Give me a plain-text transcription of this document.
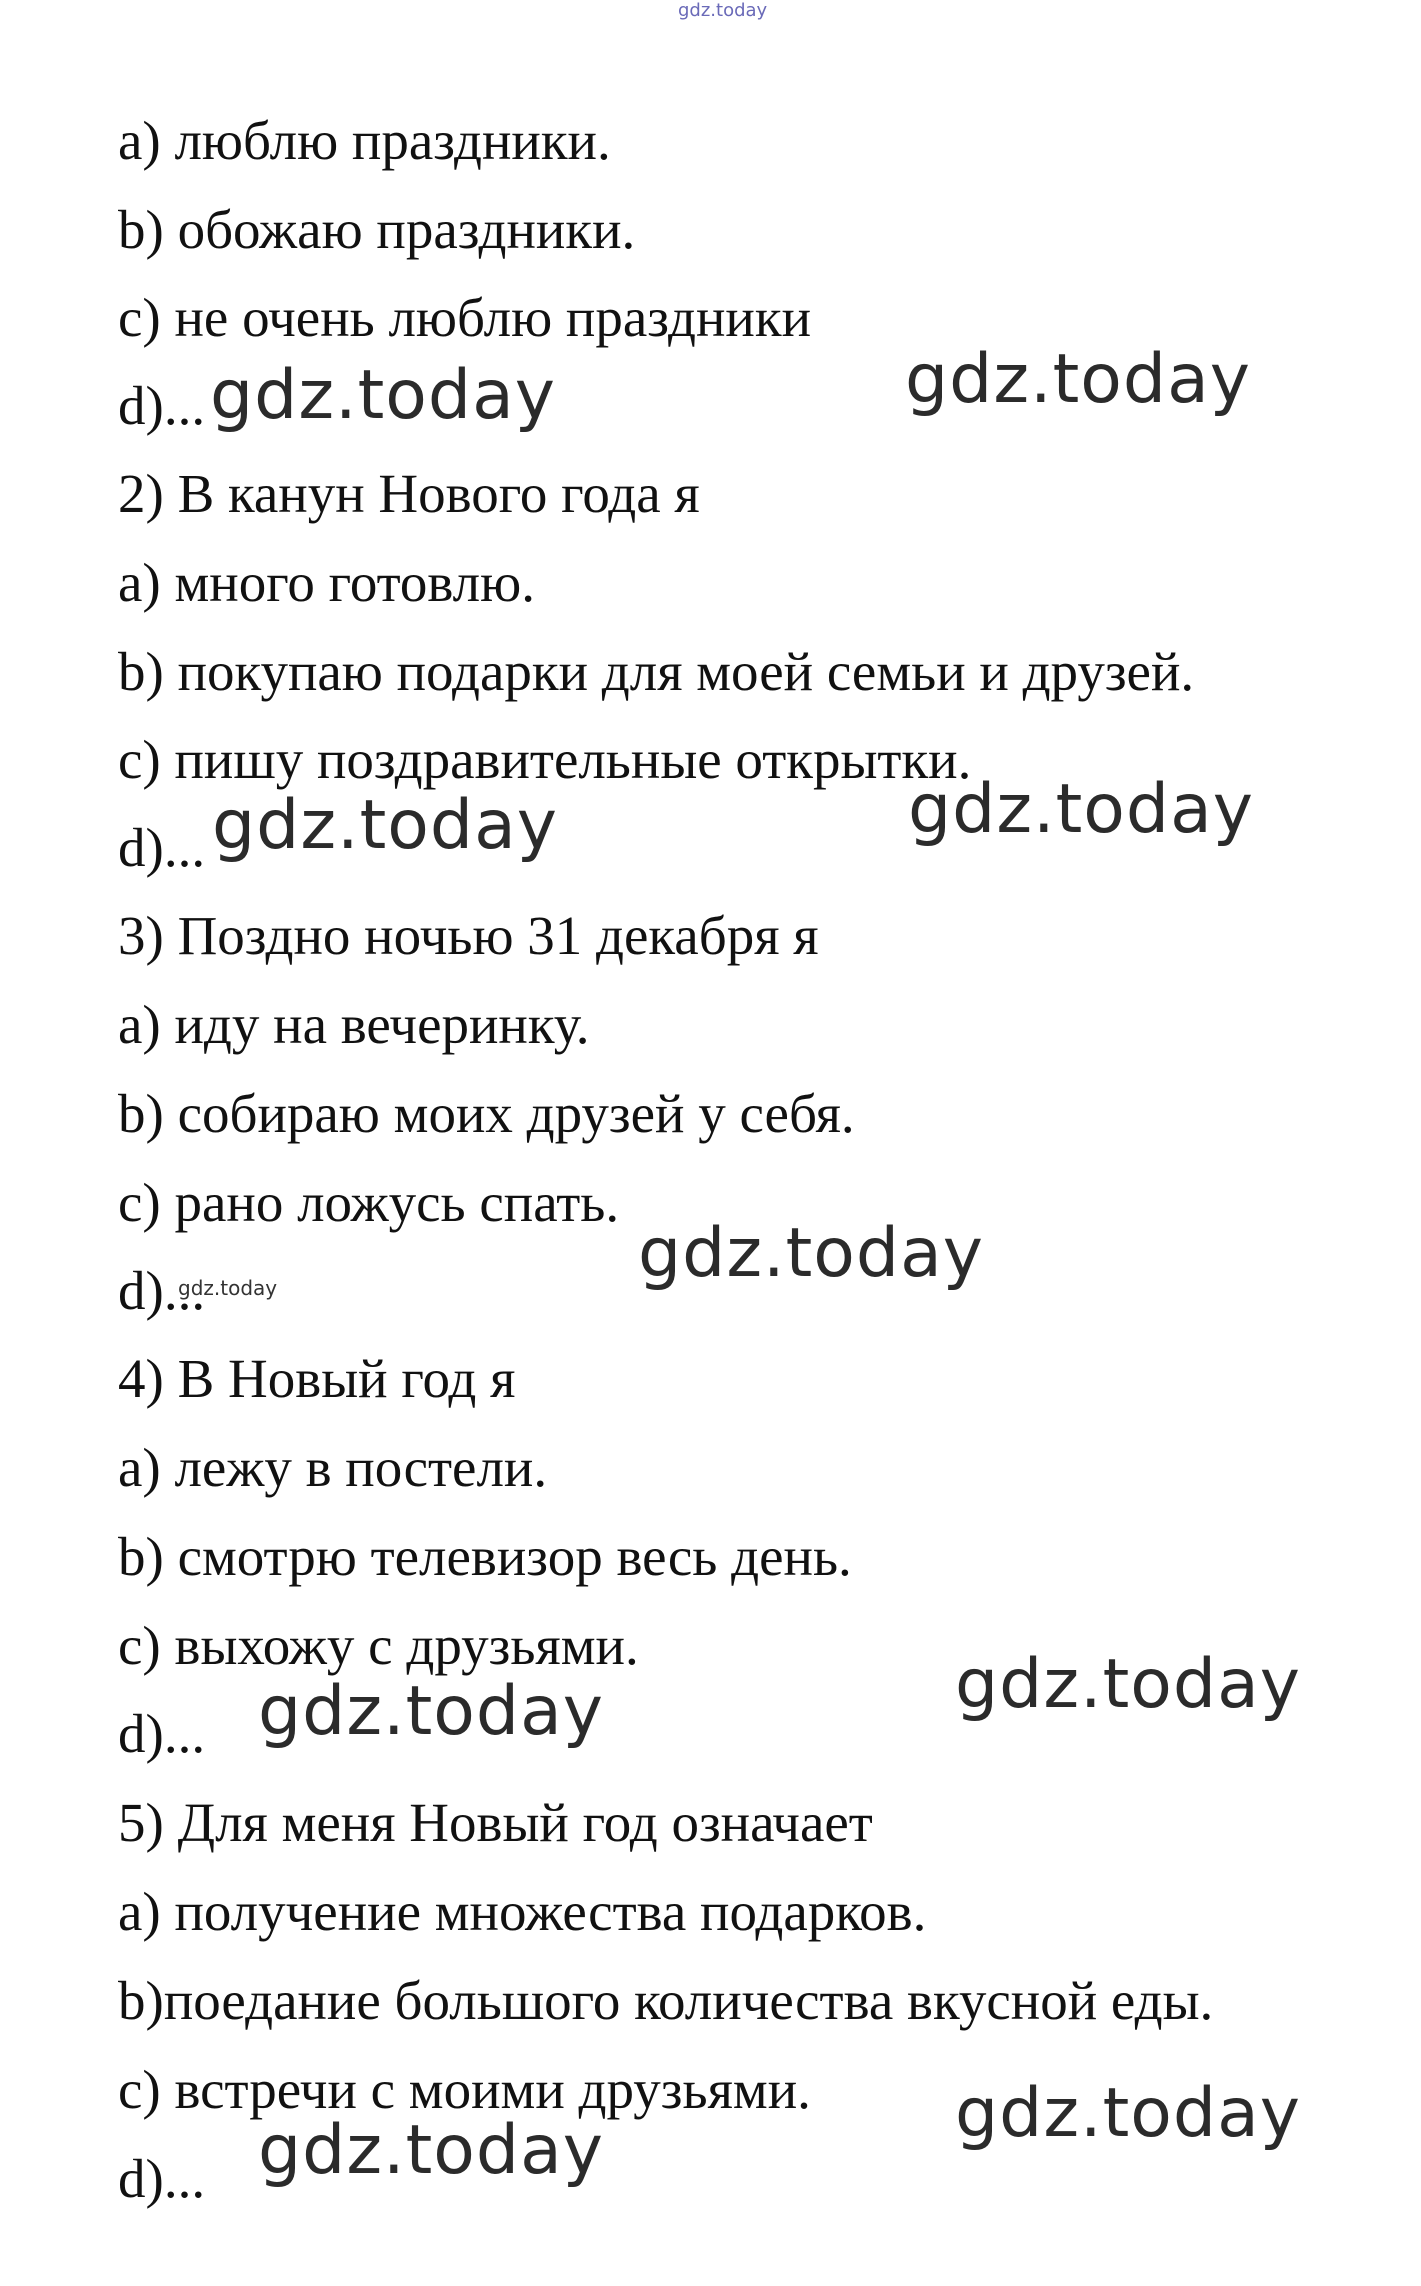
gdz.today

a) люблю праздники.

b) обожаю праздники.

c) не очень люблю праздники

d)...

2) В канун Нового года я

a) много готовлю.

b) покупаю подарки для моей семьи и друзей.

c) пишу поздравительные открытки.

d)...

3) Поздно ночью 31 декабря я

a) иду на вечеринку.

b) собираю моих друзей у себя.

c) рано ложусь спать.

d)...

4) В Новый год я

a) лежу в постели.

b) смотрю телевизор весь день.

c) выхожу с друзьями.

d)...

5) Для меня Новый год означает

a) получение множества подарков.

b)поедание большого количества вкусной еды.

c) встречи с моими друзьями.

d)...

gdz.today	gdz.today
gdz.today	gdz.today
gdz.today
gdz.today
gdz.today	gdz.today
gdz.today	gdz.today
